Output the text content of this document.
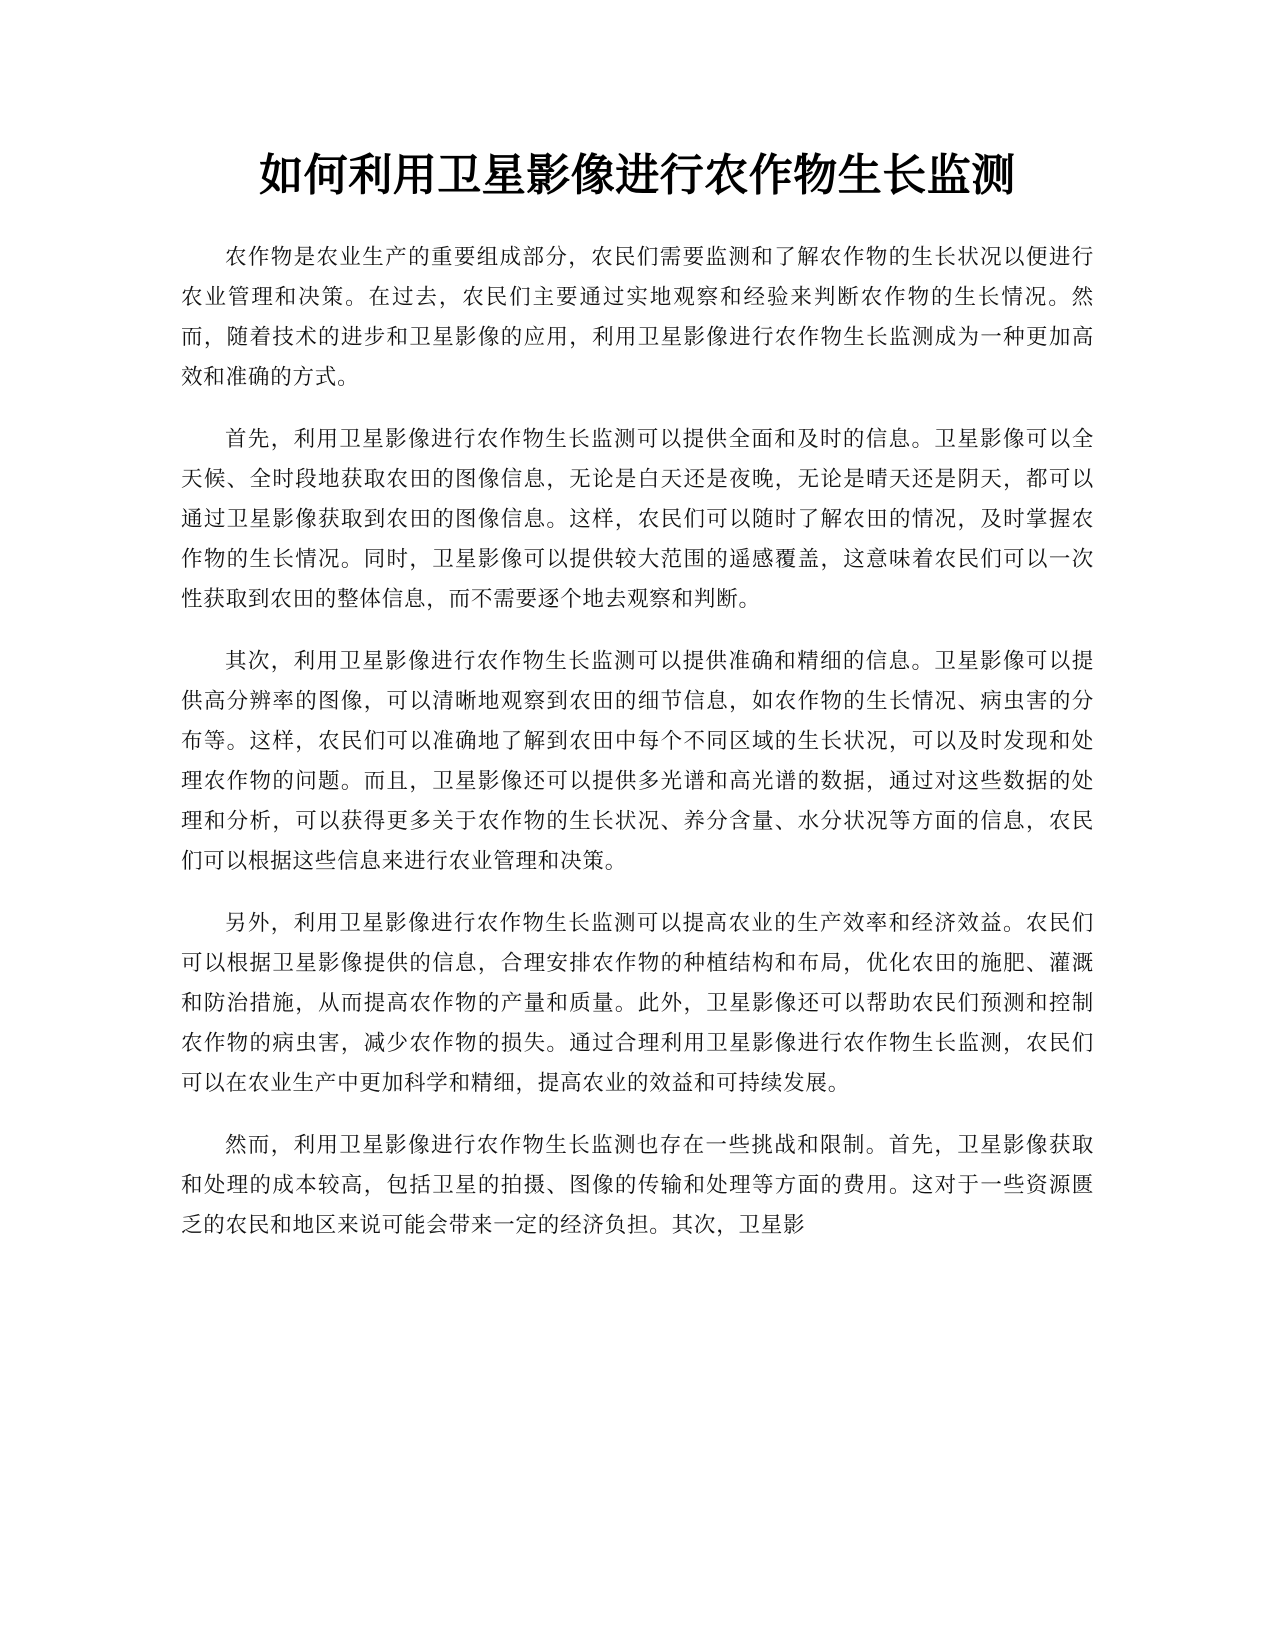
如何利用卫星影像进行农作物生长监测

农作物是农业生产的重要组成部分，农民们需要监测和了解农作物的生长状况以便进行农业管理和决策。在过去，农民们主要通过实地观察和经验来判断农作物的生长情况。然而，随着技术的进步和卫星影像的应用，利用卫星影像进行农作物生长监测成为一种更加高效和准确的方式。

首先，利用卫星影像进行农作物生长监测可以提供全面和及时的信息。卫星影像可以全天候、全时段地获取农田的图像信息，无论是白天还是夜晚，无论是晴天还是阴天，都可以通过卫星影像获取到农田的图像信息。这样，农民们可以随时了解农田的情况，及时掌握农作物的生长情况。同时，卫星影像可以提供较大范围的遥感覆盖，这意味着农民们可以一次性获取到农田的整体信息，而不需要逐个地去观察和判断。

其次，利用卫星影像进行农作物生长监测可以提供准确和精细的信息。卫星影像可以提供高分辨率的图像，可以清晰地观察到农田的细节信息，如农作物的生长情况、病虫害的分布等。这样，农民们可以准确地了解到农田中每个不同区域的生长状况，可以及时发现和处理农作物的问题。而且，卫星影像还可以提供多光谱和高光谱的数据，通过对这些数据的处理和分析，可以获得更多关于农作物的生长状况、养分含量、水分状况等方面的信息，农民们可以根据这些信息来进行农业管理和决策。

另外，利用卫星影像进行农作物生长监测可以提高农业的生产效率和经济效益。农民们可以根据卫星影像提供的信息，合理安排农作物的种植结构和布局，优化农田的施肥、灌溉和防治措施，从而提高农作物的产量和质量。此外，卫星影像还可以帮助农民们预测和控制农作物的病虫害，减少农作物的损失。通过合理利用卫星影像进行农作物生长监测，农民们可以在农业生产中更加科学和精细，提高农业的效益和可持续发展。

然而，利用卫星影像进行农作物生长监测也存在一些挑战和限制。首先，卫星影像获取和处理的成本较高，包括卫星的拍摄、图像的传输和处理等方面的费用。这对于一些资源匮乏的农民和地区来说可能会带来一定的经济负担。其次，卫星影
